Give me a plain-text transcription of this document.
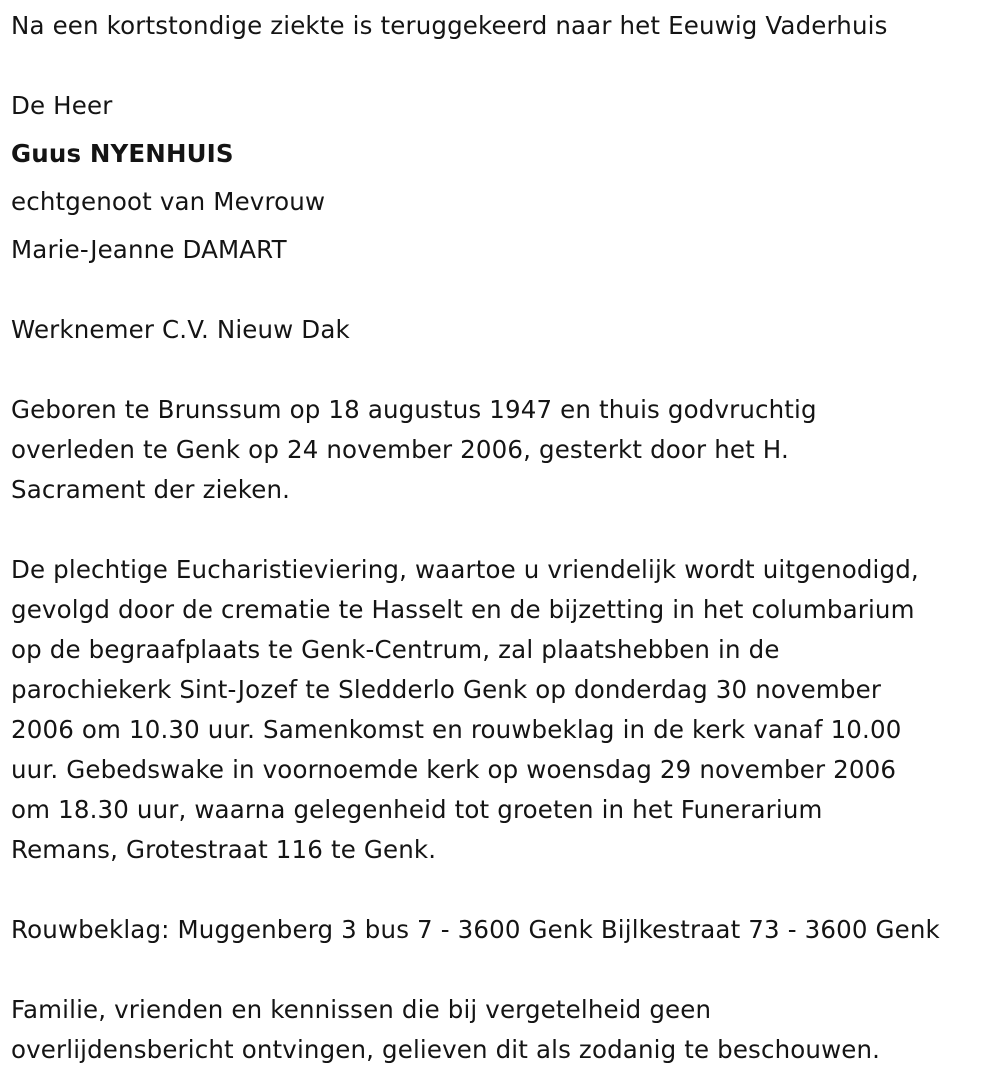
Na een kortstondige ziekte is teruggekeerd naar het Eeuwig Vaderhuis
De Heer
Guus NYENHUIS
echtgenoot van Mevrouw
Marie-Jeanne DAMART
Werknemer C.V. Nieuw Dak
Geboren te Brunssum op 18 augustus 1947 en thuis godvruchtig
overleden te Genk op 24 november 2006, gesterkt door het H.
Sacrament der zieken.
De plechtige Eucharistieviering, waartoe u vriendelijk wordt uitgenodigd,
gevolgd door de crematie te Hasselt en de bijzetting in het columbarium
op de begraafplaats te Genk-Centrum, zal plaatshebben in de
parochiekerk Sint-Jozef te Sledderlo Genk op donderdag 30 november
2006 om 10.30 uur. Samenkomst en rouwbeklag in de kerk vanaf 10.00
uur. Gebedswake in voornoemde kerk op woensdag 29 november 2006
om 18.30 uur, waarna gelegenheid tot groeten in het Funerarium
Remans, Grotestraat 116 te Genk.
Rouwbeklag: Muggenberg 3 bus 7 - 3600 Genk Bijlkestraat 73 - 3600 Genk
Familie, vrienden en kennissen die bij vergetelheid geen
overlijdensbericht ontvingen, gelieven dit als zodanig te beschouwen.
